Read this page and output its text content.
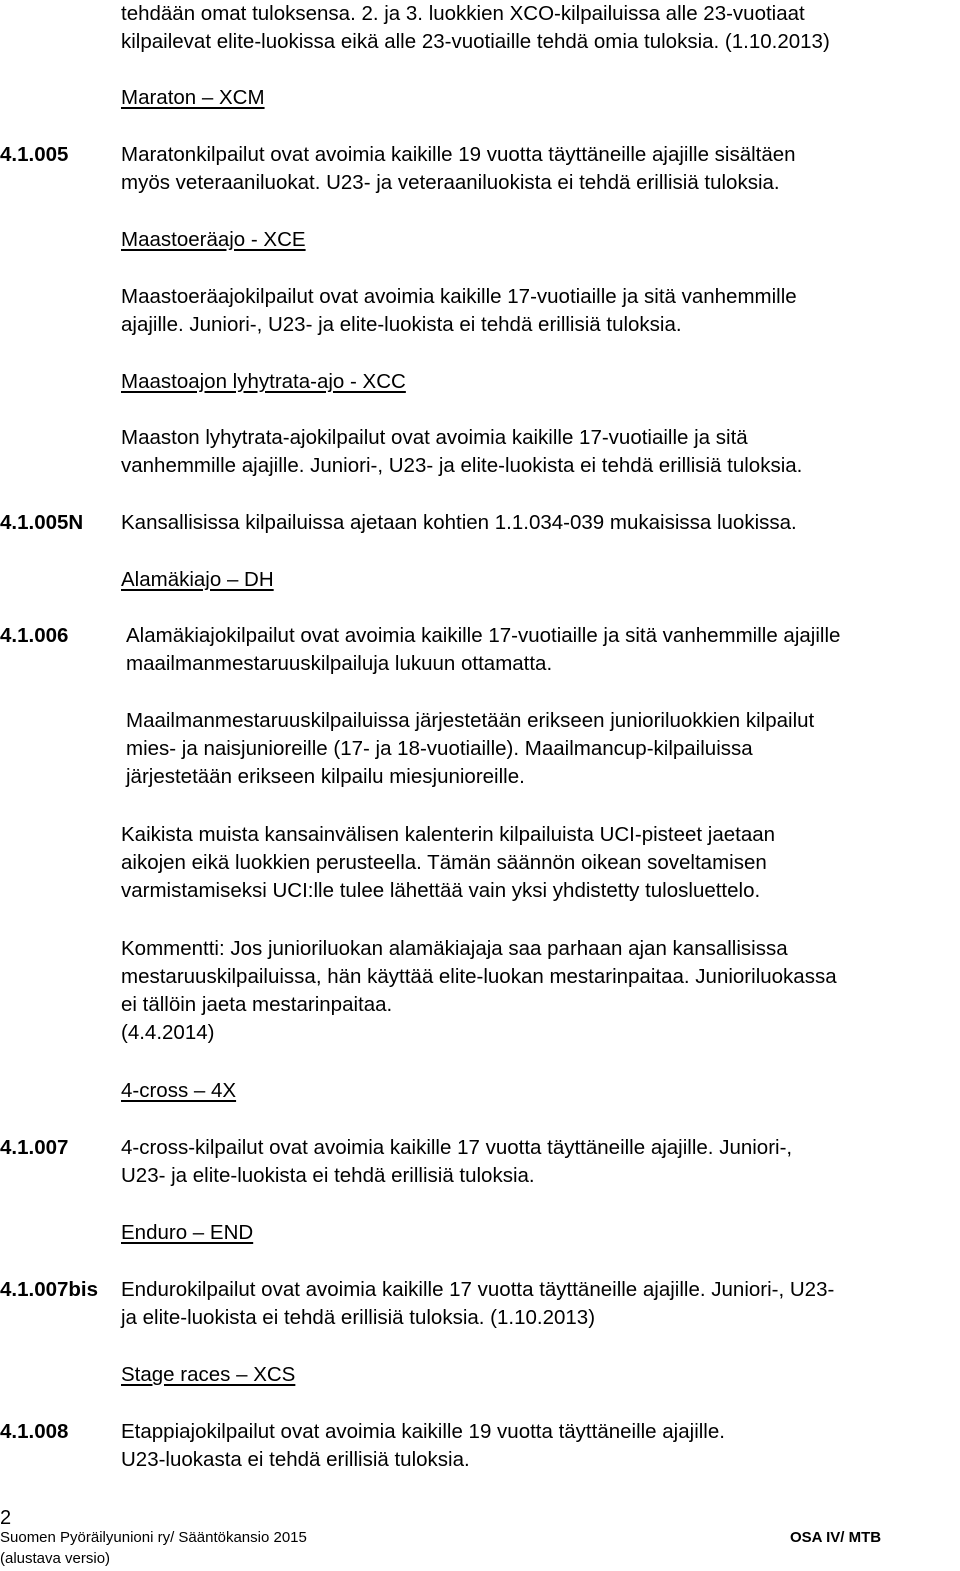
tehdään omat tuloksensa. 2. ja 3. luokkien XCO-kilpailuissa alle 23-vuotiaat

kilpailevat elite-luokissa eikä alle 23-vuotiaille tehdä omia tuloksia. (1.10.2013)

Maraton – XCM

4.1.005	Maratonkilpailut ovat avoimia kaikille 19 vuotta täyttäneille ajajille sisältäen

myös veteraaniluokat. U23- ja veteraaniluokista ei tehdä erillisiä tuloksia.

Maastoeräajo - XCE

Maastoeräajokilpailut ovat avoimia kaikille 17-vuotiaille ja sitä vanhemmille

ajajille. Juniori-, U23- ja elite-luokista ei tehdä erillisiä tuloksia.

Maastoajon lyhytrata-ajo - XCC

Maaston lyhytrata-ajokilpailut ovat avoimia kaikille 17-vuotiaille ja sitä

vanhemmille ajajille. Juniori-, U23- ja elite-luokista ei tehdä erillisiä tuloksia.

4.1.005N Kansallisissa kilpailuissa ajetaan kohtien 1.1.034-039 mukaisissa luokissa.

Alamäkiajo – DH

4.1.006	Alamäkiajokilpailut ovat avoimia kaikille 17-vuotiaille ja sitä vanhemmille ajajille

maailmanmestaruuskilpailuja lukuun ottamatta.

Maailmanmestaruuskilpailuissa järjestetään erikseen junioriluokkien kilpailut

mies- ja naisjunioreille (17- ja 18-vuotiaille). Maailmancup-kilpailuissa

järjestetään erikseen kilpailu miesjunioreille.

Kaikista muista kansainvälisen kalenterin kilpailuista UCI-pisteet jaetaan

aikojen eikä luokkien perusteella. Tämän säännön oikean soveltamisen

varmistamiseksi UCI:lle tulee lähettää vain yksi yhdistetty tulosluettelo.

Kommentti: Jos junioriluokan alamäkiajaja saa parhaan ajan kansallisissa

mestaruuskilpailuissa, hän käyttää elite-luokan mestarinpaitaa. Junioriluokassa

ei tällöin jaeta mestarinpaitaa.

(4.4.2014)

4-cross – 4X

4.1.007	4-cross-kilpailut ovat avoimia kaikille 17 vuotta täyttäneille ajajille. Juniori-,

U23- ja elite-luokista ei tehdä erillisiä tuloksia.

Enduro – END

4.1.007bis Endurokilpailut ovat avoimia kaikille 17 vuotta täyttäneille ajajille. Juniori-, U23-

ja elite-luokista ei tehdä erillisiä tuloksia. (1.10.2013)

Stage races – XCS

4.1.008	Etappiajokilpailut ovat avoimia kaikille 19 vuotta täyttäneille ajajille.

U23-luokasta ei tehdä erillisiä tuloksia.

2
Suomen Pyöräilyunioni ry/ Sääntökansio 2015
(alustava versio)
OSA IV/ MTB
